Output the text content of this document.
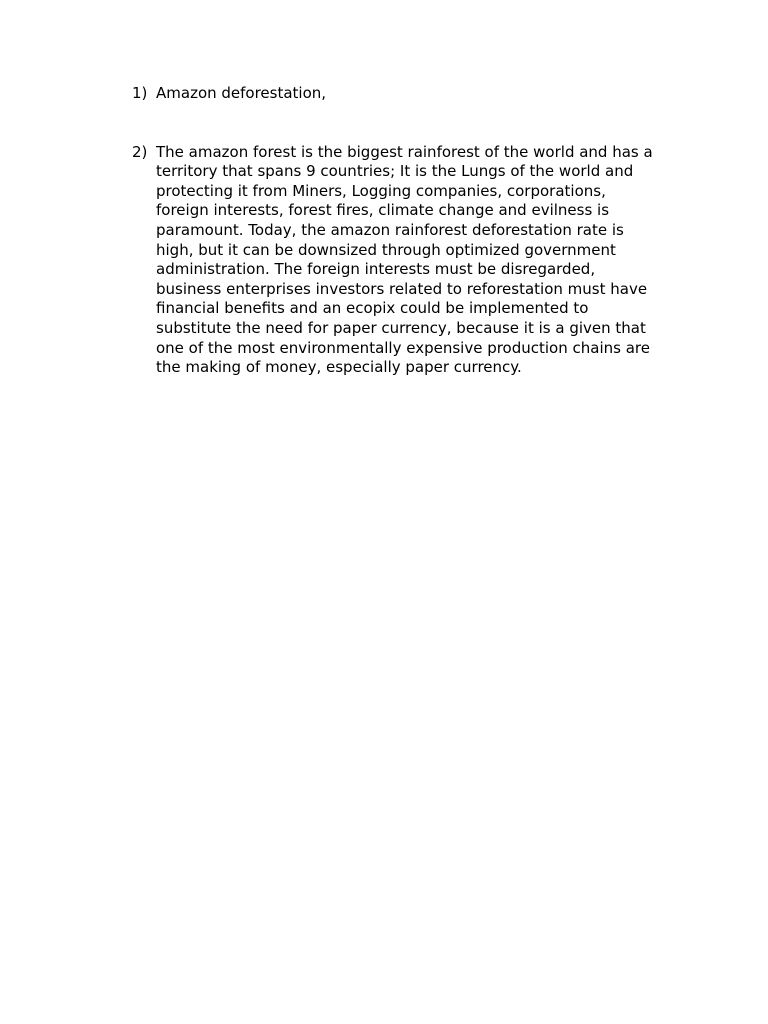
1) Amazon deforestation,
2) The amazon forest is the biggest rainforest of the world and has a territory that spans 9 countries; It is the Lungs of the world and protecting it from Miners, Logging companies, corporations, foreign interests, forest fires, climate change and evilness is paramount. Today, the amazon rainforest deforestation rate is high, but it can be downsized through optimized government administration. The foreign interests must be disregarded, business enterprises investors related to reforestation must have financial benefits and an ecopix could be implemented to substitute the need for paper currency, because it is a given that one of the most environmentally expensive production chains are the making of money, especially paper currency.
